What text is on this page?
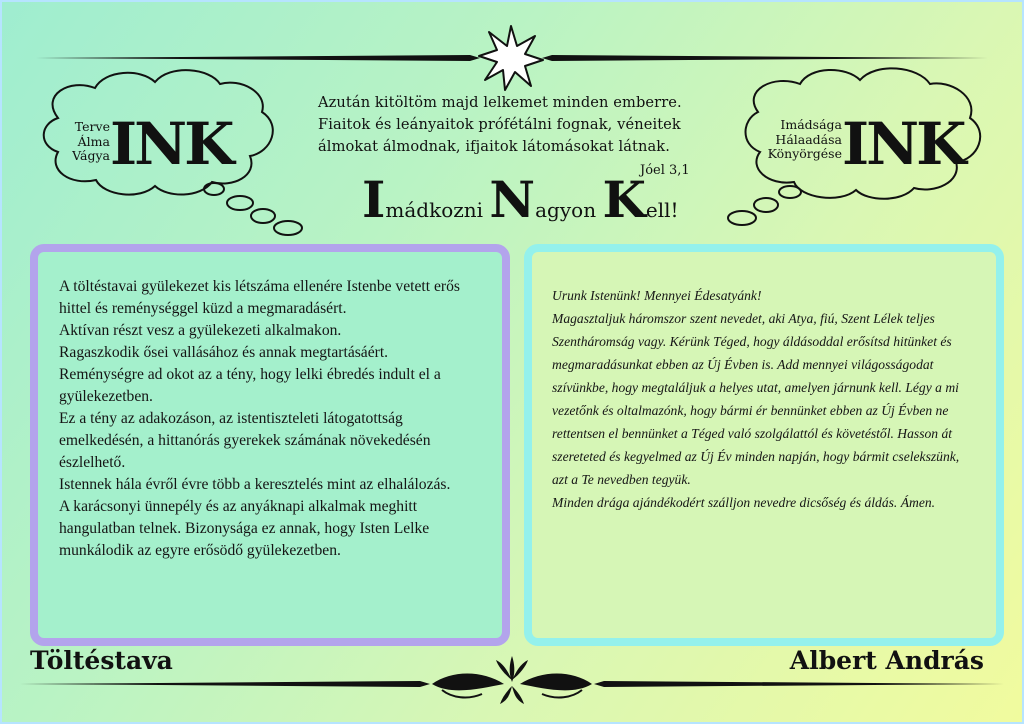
Azután kitöltöm majd lelkemet minden emberre.
Fiaitok és leányaitok prófétálni fognak, véneitek
álmokat álmodnak, ifjaitok látomásokat látnak.
Jóel 3,1
Imádkozni Nagyon Kell!
Terve
Álma
Vágya INK	Imádsága
Hálaadása
Könyörgése INK

A töltéstavai gyülekezet kis létszáma ellenére Istenbe vetett erős hittel és reménységgel küzd a megmaradásért.

Aktívan részt vesz a gyülekezeti alkalmakon.

Ragaszkodik ősei vallásához és annak megtartásáért.

Reménységre ad okot az a tény, hogy lelki ébredés indult el a gyülekezetben.

Ez a tény az adakozáson, az istentiszteleti látogatottság emelkedésén, a hittanórás gyerekek számának növekedésén észlelhető.

Istennek hála évről évre több a keresztelés mint az elhalálozás.

A karácsonyi ünnepély és az anyáknapi alkalmak meghitt hangulatban telnek. Bizonysága ez annak, hogy Isten Lelke munkálodik az egyre erősödő gyülekezetben.

Urunk Istenünk! Mennyei Édesatyánk!

Magasztaljuk háromszor szent nevedet, aki Atya, fiú, Szent Lélek teljes Szentháromság vagy. Kérünk Téged, hogy áldásoddal erősítsd hitünket és megmaradásunkat ebben az Új Évben is. Add mennyei világosságodat szívünkbe, hogy megtaláljuk a helyes utat, amelyen járnunk kell. Légy a mi vezetőnk és oltalmazónk, hogy bármi ér bennünket ebben az Új Évben ne rettentsen el bennünket a Téged való szolgálattól és követéstől. Hasson át szereteted és kegyelmed az Új Év minden napján, hogy bármit cselekszünk, azt a Te nevedben tegyük.

Minden drága ajándékodért szálljon nevedre dicsőség és áldás. Ámen.

Töltéstava	Albert András
